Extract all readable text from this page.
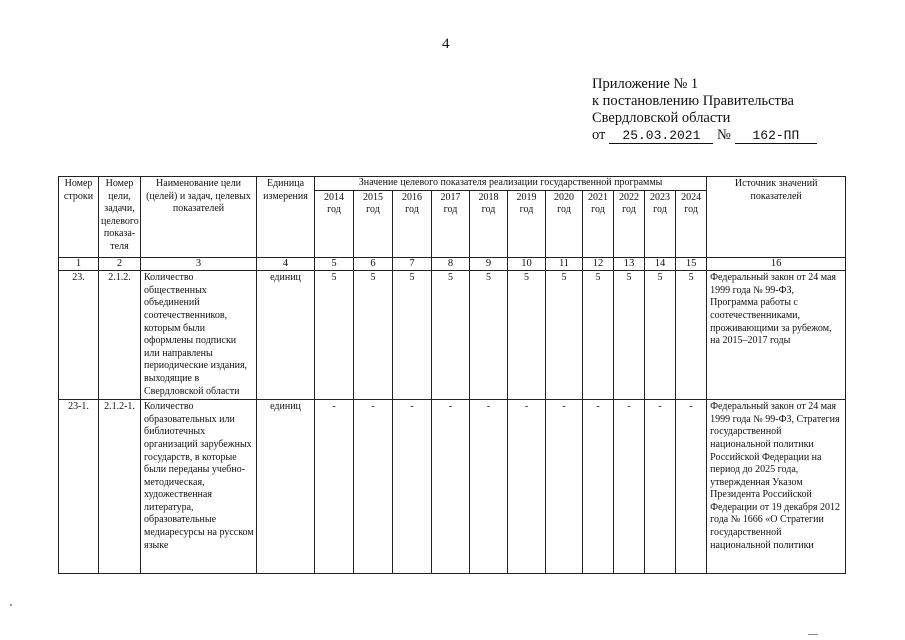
4
Приложение № 1
к постановлению Правительства
Свердловской области
от 25.03.2021 № 162-ПП
Номер строки	Номер цели, задачи, целевого показа-теля	Наименование цели (целей) и задач, целевых показателей	Единица измерения	Значение целевого показателя реализации государственной программы											Источник значений показателей
				2014 год	2015 год	2016 год	2017 год	2018 год	2019 год	2020 год	2021 год	2022 год	2023 год	2024 год	
1	2	3	4	5	6	7	8	9	10	11	12	13	14	15	16
23.	2.1.2.	Количество общественных объединений соотечественников, которым были оформлены подписки или направлены периодические издания, выходящие в Свердловской области	единиц	5	5	5	5	5	5	5	5	5	5	5	Федеральный закон от 24 мая 1999 года № 99-ФЗ, Программа работы с соотечественниками, проживающими за рубежом, на 2015–2017 годы
23-1.	2.1.2-1.	Количество образовательных или библиотечных организаций зарубежных государств, в которые были переданы учебно-методическая, художественная литература, образовательные медиаресурсы на русском языке	единиц	-	-	-	-	-	-	-	-	-	-	-	Федеральный закон от 24 мая 1999 года № 99-ФЗ, Стратегия государственной национальной политики Российской Федерации на период до 2025 года, утвержденная Указом Президента Российской Федерации от 19 декабря 2012 года № 1666 «О Стратегии государственной национальной политики
